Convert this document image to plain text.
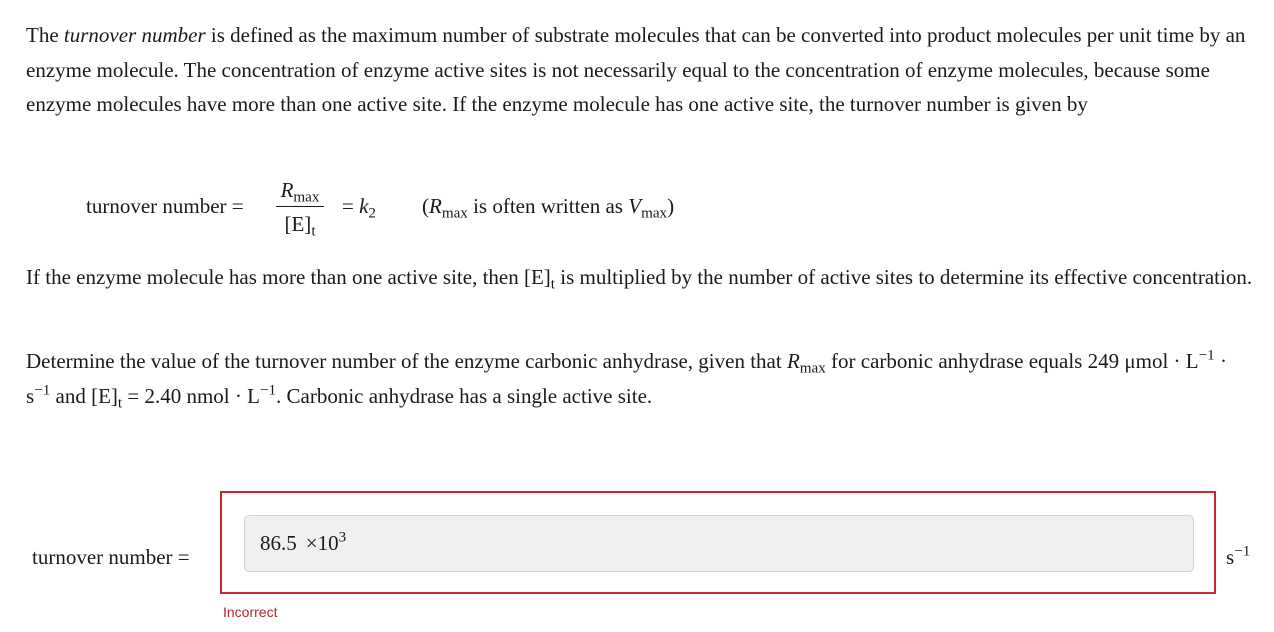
The turnover number is defined as the maximum number of substrate molecules that can be converted into product molecules per unit time by an enzyme molecule. The concentration of enzyme active sites is not necessarily equal to the concentration of enzyme molecules, because some enzyme molecules have more than one active site. If the enzyme molecule has one active site, the turnover number is given by

turnover number =
$R_{max}$
$[E]_t$
= $k_2$ ($R_{max}$ is often written as $V_{max}$)

If the enzyme molecule has more than one active site, then $[E]_t$ is multiplied by the number of active sites to determine its effective concentration.

Determine the value of the turnover number of the enzyme carbonic anhydrase, given that $R_{max}$ for carbonic anhydrase equals 249 $\mu mol \cdot L^{-1} \cdot s^{-1}$ and $[E]_t = 2.40$ nmol · $L^{-1}$. Carbonic anhydrase has a single active site.

turnover number =
$86.5 \times 10^3$
$s^{-1}$
Incorrect
